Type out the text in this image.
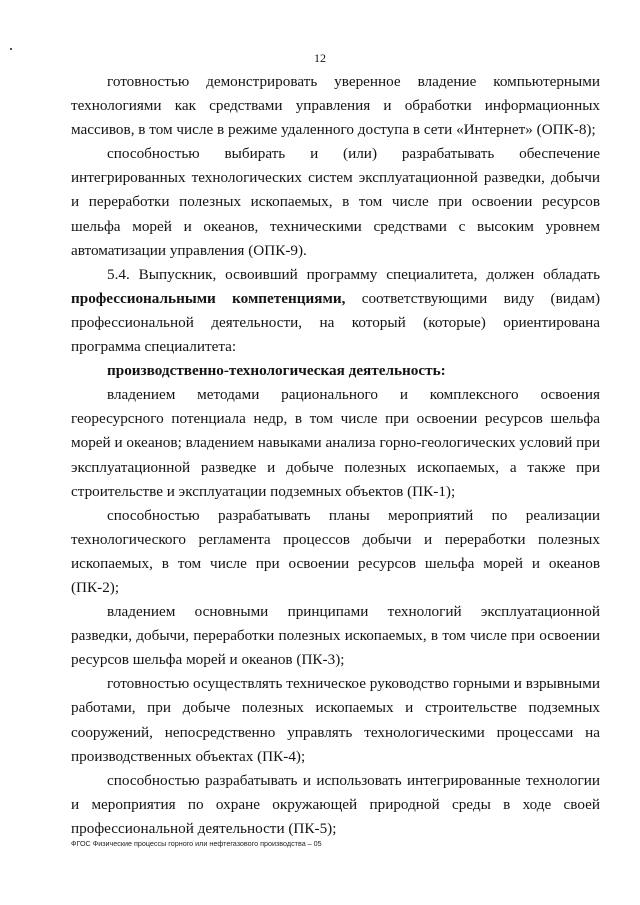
12

готовностью демонстрировать уверенное владение компьютерными технологиями как средствами управления и обработки информационных массивов, в том числе в режиме удаленного доступа в сети «Интернет» (ОПК-8);

способностью выбирать и (или) разрабатывать обеспечение интегрированных технологических систем эксплуатационной разведки, добычи и переработки полезных ископаемых, в том числе при освоении ресурсов шельфа морей и океанов, техническими средствами с высоким уровнем автоматизации управления (ОПК-9).

5.4. Выпускник, освоивший программу специалитета, должен обладать профессиональными компетенциями, соответствующими виду (видам) профессиональной деятельности, на который (которые) ориентирована программа специалитета:

производственно-технологическая деятельность:

владением методами рационального и комплексного освоения георесурсного потенциала недр, в том числе при освоении ресурсов шельфа морей и океанов; владением навыками анализа горно-геологических условий при эксплуатационной разведке и добыче полезных ископаемых, а также при строительстве и эксплуатации подземных объектов (ПК-1);

способностью разрабатывать планы мероприятий по реализации технологического регламента процессов добычи и переработки полезных ископаемых, в том числе при освоении ресурсов шельфа морей и океанов (ПК-2);

владением основными принципами технологий эксплуатационной разведки, добычи, переработки полезных ископаемых, в том числе при освоении ресурсов шельфа морей и океанов (ПК-3);

готовностью осуществлять техническое руководство горными и взрывными работами, при добыче полезных ископаемых и строительстве подземных сооружений, непосредственно управлять технологическими процессами на производственных объектах (ПК-4);

способностью разрабатывать и использовать интегрированные технологии и мероприятия по охране окружающей природной среды в ходе своей профессиональной деятельности (ПК-5);

ФГОС Физические процессы горного или нефтегазового производства – 05
